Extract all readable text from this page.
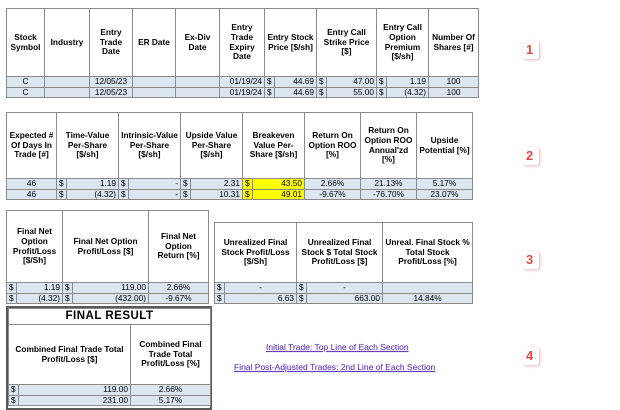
Stock Symbol	Industry	Entry Trade Date	ER Date	Ex-Div Date	Entry Trade Expiry Date	Entry Stock Price [$/sh]		Entry Call Strike Price [$]		Entry Call Option Premium [$/sh]		Number Of Shares [#]
C		12/05/23			01/19/24	$	44.69	$	47.00	$	1.19	100
C		12/05/23			01/19/24	$	44.69	$	55.00	$	(4.32)	100
1
Expected # Of Days In Trade [#]	Time-Value Per-Share [$/sh]		Intrinsic-Value Per-Share [$/sh]		Upside Value Per-Share [$/sh]		Breakeven Value Per-Share [$/sh]		Return On Option ROO [%]	Return On Option ROO Annual'zd [%]	Upside Potential [%]
46	$	1.19	$	-	$	2.31	$	43.50	2.66%	21.13%	5.17%
46	$	(4.32)	$	-	$	10.31	$	49.01	-9.67%	-76.70%	23.07%
2
Final Net Option Profit/Loss [$/Sh]		Final Net Option Profit/Loss [$]		Final Net Option Return [%]
$	1.19	$	119.00	2.66%
$	(4.32)	$	(432.00)	-9.67%
Unrealized Final Stock Profit/Loss [$/Sh]		Unrealized Final Stock $ Total Stock Profit/Loss [$]		Unreal. Final Stock % Total Stock Profit/Loss [%]
$	-	$	-	
$	6.63	$	663.00	14.84%
3
FINAL RESULT		
Combined Final Trade Total Profit/Loss [$]		Combined Final Trade Total Profit/Loss [%]
$	119.00	2.66%
$	231.00	5.17%
Initial Trade: Top Line of Each Section
Final Post-Adjusted Trades: 2nd Line of Each Section
4
